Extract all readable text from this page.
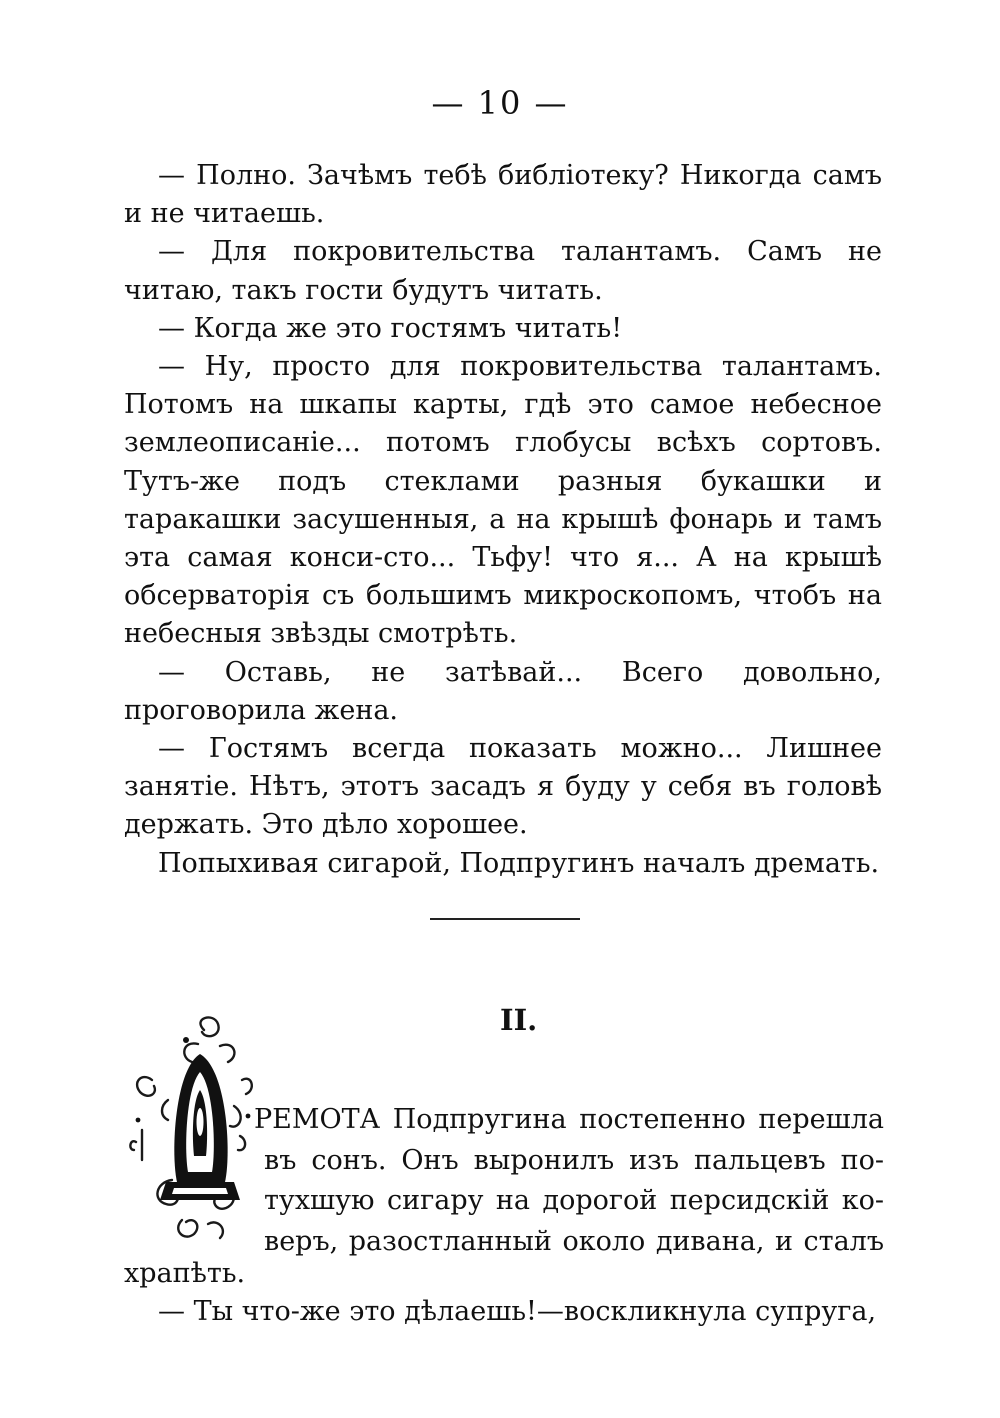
— 10 —

— Полно. Зачѣмъ тебѣ библіотеку? Никогда самъ и не читаешь.

— Для покровительства талантамъ. Самъ не читаю, такъ гости будутъ читать.

— Когда же это гостямъ читать!

— Ну, просто для покровительства талантамъ. Потомъ на шкапы карты, гдѣ это самое небесное землеописаніе... потомъ глобусы всѣхъ сортовъ. Тутъ-же подъ стеклами разныя букашки и таракашки засушенныя, а на крышѣ фонарь и тамъ эта самая конси-сто... Тьфу! что я... А на крышѣ обсерваторія съ большимъ микроскопомъ, чтобъ на небесныя звѣзды смотрѣть.

— Оставь, не затѣвай... Всего довольно, проговорила жена.

— Гостямъ всегда показать можно... Лишнее занятіе. Нѣтъ, этотъ засадъ я буду у себя въ головѣ держать. Это дѣло хорошее.

Попыхивая сигарой, Подпругинъ началъ дремать.

II.
РЕМОТА Подпругина постепенно перешла
въ сонъ. Онъ выронилъ изъ пальцевъ по-
тухшую сигару на дорогой персидскій ко-
веръ, разостланный около дивана, и сталъ

храпѣть.

— Ты что-же это дѣлаешь!—воскликнула супруга,
